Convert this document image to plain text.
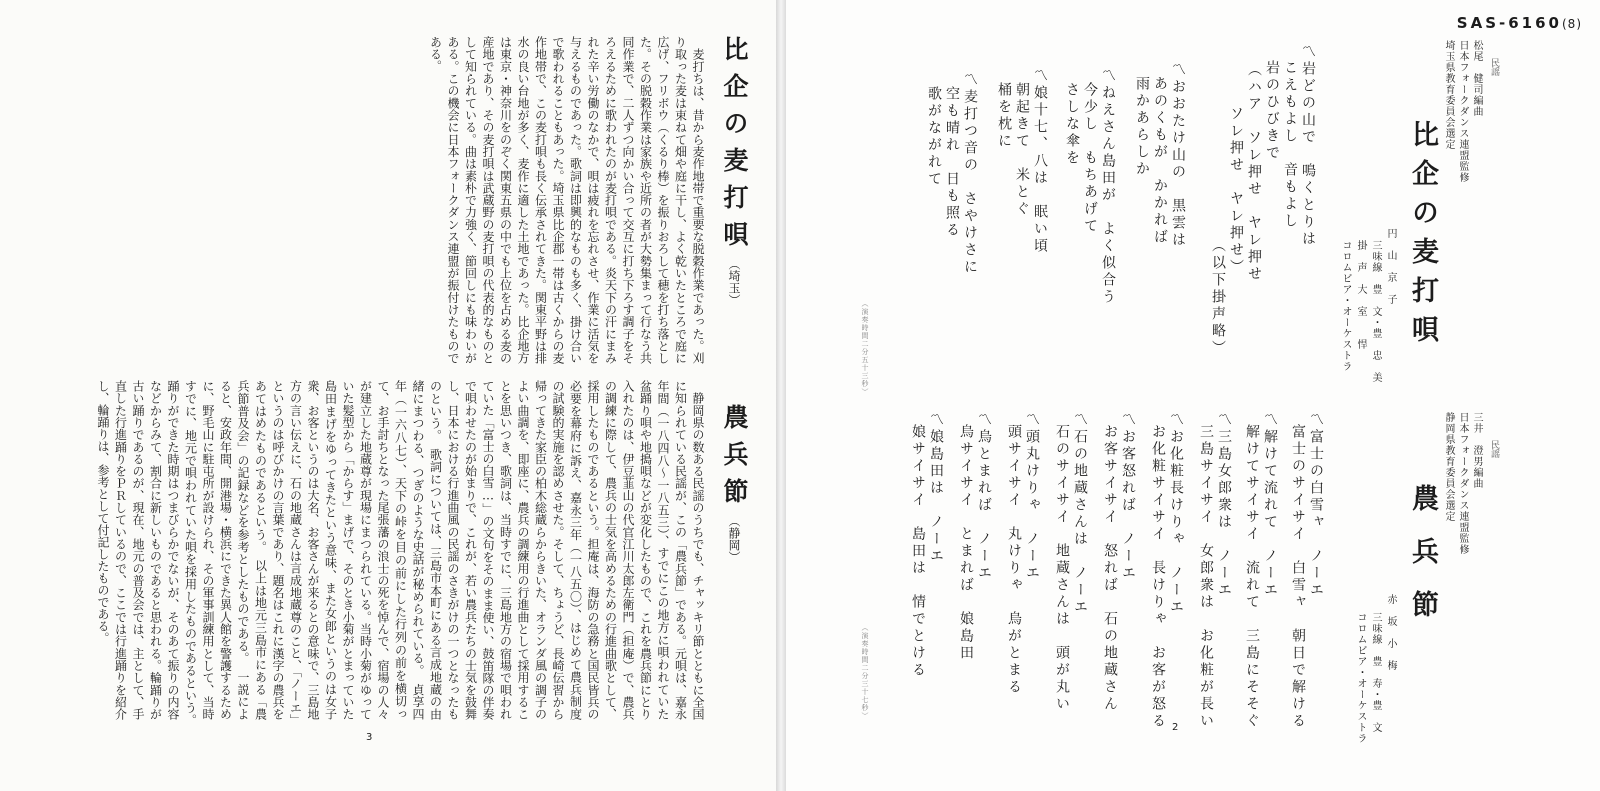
比企の麦打唄（埼玉）
　麦打ちは、昔から麦作地帯で重要な脱穀作業であった。刈り取った麦は束ねて畑や庭に干し、よく乾いたところで庭に広げ、フリボウ（くるり棒）を振りおろして穂を打ち落とした。その脱穀作業は家族や近所の者が大勢集まって行なう共同作業で、二人ずつ向かい合って交互に打ち下ろす調子をそろえるために歌われたのが麦打唄である。炎天下の汗にまみれた辛い労働のなかで、唄は疲れを忘れさせ、作業に活気を与えるものであった。歌詞は即興的なものも多く、掛け合いで歌われることもあった。埼玉県比企郡一帯は古くからの麦作地帯で、この麦打唄も長く伝承されてきた。関東平野は排水の良い台地が多く、麦作に適した土地であった。比企地方は東京・神奈川をのぞく関東五県の中でも上位を占める麦の産地であり、その麦打唄は武蔵野の麦打唄の代表的なものとして知られている。曲は素朴で力強く、節回しにも味わいがある。この機会に日本フォークダンス連盟が振付けたものである。
農兵節（静岡）
　静岡県の数ある民謡のうちでも、チャッキリ節とともに全国に知られている民謡が、この「農兵節」である。元唄は、嘉永年間（一八四八〜一八五三）、すでにこの地方に唄われていた盆踊り唄や地搗唄などが変化したもので、これを農兵節にとり入れたのは、伊豆韮山の代官江川太郎左衛門（担庵）で、農兵の調練に際して、農兵の士気を高めるための行進曲歌として、採用したものであるという。担庵は、海防の急務と国民皆兵の必要を幕府に訴え、嘉永三年（一八五〇）、はじめて農兵制度の試験的実施を認めさせた。そして、ちょうど、長崎伝習から帰ってきた家臣の柏木総蔵らからきいた、オランダ風の調子のよい曲調を、即座に、農兵の調練用の行進曲として採用することを思いつき、歌詞は、当時すでに、三島地方の宿場で唄われていた「富士の白雪…」の文句をそのまま使い、鼓笛隊の伴奏で唄わせたのが始まりで、これが、若い農兵たちの士気を鼓舞し、日本における行進曲風の民謡のさきがけの一つとなったものという。　歌詞については、三島市本町にある言成地蔵の由緒にまつわる、つぎのような史話が秘められている。　貞享四年（一六八七）、天下の峠を目の前にした行列の前を横切って、お手討ちとなった尾張藩の浪士の死を悼んで、宿場の人々が建立した地蔵尊が現場にまつられている。当時小菊がゆっていた髪型から「からす」まげで、そのとき小菊がとまっていた島田まげをゆってきたという意味、また女郎というのは女子衆、お客というのは大名、お客さんが来るとの意味で、三島地方の言い伝えに、石の地蔵さんは言成地蔵尊のこと、「ノーエ」というのは呼びかけの言葉であり、題名はこれに漢字の農兵をあてはめたものであるという。　以上は地元三島市にある「農兵節普及会」の記録などを参考としたものである。　一説によると、安政年間、開港場・横浜にできた異人館を警護するために、野毛山に駐屯所が設けられ、その軍事訓練用として、当時すでに、地元で唄われていた唄を採用したものであるという。　踊りができた時期はつまびらかでないが、そのあて振りの内容などからみて、割合に新しいものであると思われる。輪踊りが古い踊りであるのが、現在、地元の普及会では、主として、手直した行進踊りをＰＲしているので、ここでは行進踊りを紹介し、輪踊りは、参考として付記したものである。
3
SAS-6160(8)
民謡
松尾　健司編曲
日本フォークダンス連盟監修
埼玉県教育委員会選定
比企の麦打唄
円　山　京　子
三味線　豊　文・豊　忠　美
掛　声　大　室　　悍
コロムビア・オーケストラ
〽岩どの山で　鳴くとりは
こえもよし　音もよし
岩のひびきで
（ハア　ソレ押せ　ヤレ押せ
ソレ押せ　ヤレ押せ）
（以下掛声略）
〽おおたけ山の　黒雲は
あのくもが　かかれば
雨かあらしか
〽ねえさん島田が　よく似合う
今少し　もちあげて
さしな傘を
〽娘十七、八は　眠い頃
朝起きて　米とぐ
桶を枕に
〽麦打つ音の　さやけさに
空も晴れ　日も照る
歌がながれて
（演奏時間二分五十三秒）
民謡
三井　澄男編曲
日本フォークダンス連盟監修
静岡県教育委員会選定
農兵節
赤　坂　小　梅
三味線　豊　寿・豊　文
コロムビア・オーケストラ
〽富士の白雪ャ　ノーエ
富士のサイサイ　白雪ャ　朝日で解ける
〽解けて流れて　ノーエ
解けてサイサイ　流れて　三島にそそぐ
〽三島女郎衆は　ノーエ
三島サイサイ　女郎衆は　お化粧が長い
〽お化粧長けりゃ　ノーエ
お化粧サイサイ　長けりゃ　お客が怒る
〽お客怒れば　ノーエ
お客サイサイ　怒れば　石の地蔵さん
〽石の地蔵さんは　ノーエ
石のサイサイ　地蔵さんは　頭が丸い
〽頭丸けりゃ　ノーエ
頭サイサイ　丸けりゃ　烏がとまる
〽烏とまれば　ノーエ
烏サイサイ　とまれば　娘島田
〽娘島田は　ノーエ
娘サイサイ　島田は　情でとける
（演奏時間二分三十七秒）
2
